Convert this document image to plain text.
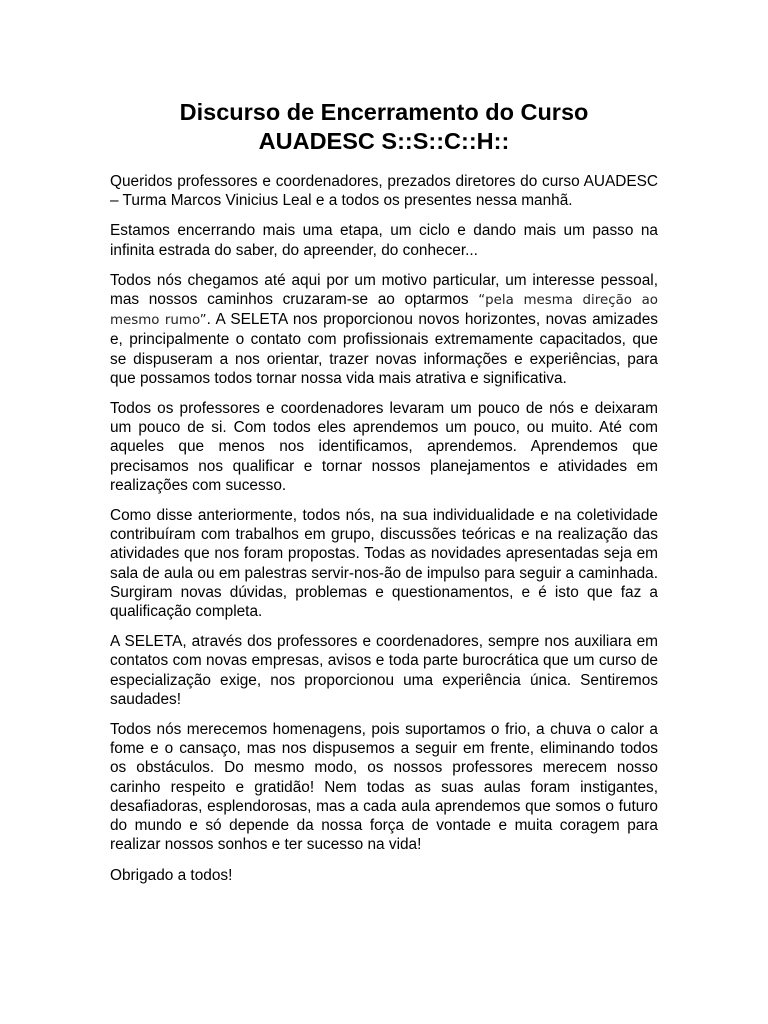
Discurso de Encerramento do Curso
AUADESC S::S::C::H::

Queridos professores e coordenadores, prezados diretores do curso AUADESC – Turma Marcos Vinicius Leal e a todos os presentes nessa manhã.

Estamos encerrando mais uma etapa, um ciclo e dando mais um passo na infinita estrada do saber, do apreender, do conhecer...

Todos nós chegamos até aqui por um motivo particular, um interesse pessoal, mas nossos caminhos cruzaram-se ao optarmos “pela mesma direção ao mesmo rumo”. A SELETA nos proporcionou novos horizontes, novas amizades e, principalmente o contato com profissionais extremamente capacitados, que se dispuseram a nos orientar, trazer novas informações e experiências, para que possamos todos tornar nossa vida mais atrativa e significativa.

Todos os professores e coordenadores levaram um pouco de nós e deixaram um pouco de si. Com todos eles aprendemos um pouco, ou muito. Até com aqueles que menos nos identificamos, aprendemos. Aprendemos que precisamos nos qualificar e tornar nossos planejamentos e atividades em realizações com sucesso.

Como disse anteriormente, todos nós, na sua individualidade e na coletividade contribuíram com trabalhos em grupo, discussões teóricas e na realização das atividades que nos foram propostas. Todas as novidades apresentadas seja em sala de aula ou em palestras servir-nos-ão de impulso para seguir a caminhada. Surgiram novas dúvidas, problemas e questionamentos, e é isto que faz a qualificação completa.

A SELETA, através dos professores e coordenadores, sempre nos auxiliara em contatos com novas empresas, avisos e toda parte burocrática que um curso de especialização exige, nos proporcionou uma experiência única. Sentiremos saudades!

Todos nós merecemos homenagens, pois suportamos o frio, a chuva o calor a fome e o cansaço, mas nos dispusemos a seguir em frente, eliminando todos os obstáculos. Do mesmo modo, os nossos professores merecem nosso carinho respeito e gratidão! Nem todas as suas aulas foram instigantes, desafiadoras, esplendorosas, mas a cada aula aprendemos que somos o futuro do mundo e só depende da nossa força de vontade e muita coragem para realizar nossos sonhos e ter sucesso na vida!

Obrigado a todos!
